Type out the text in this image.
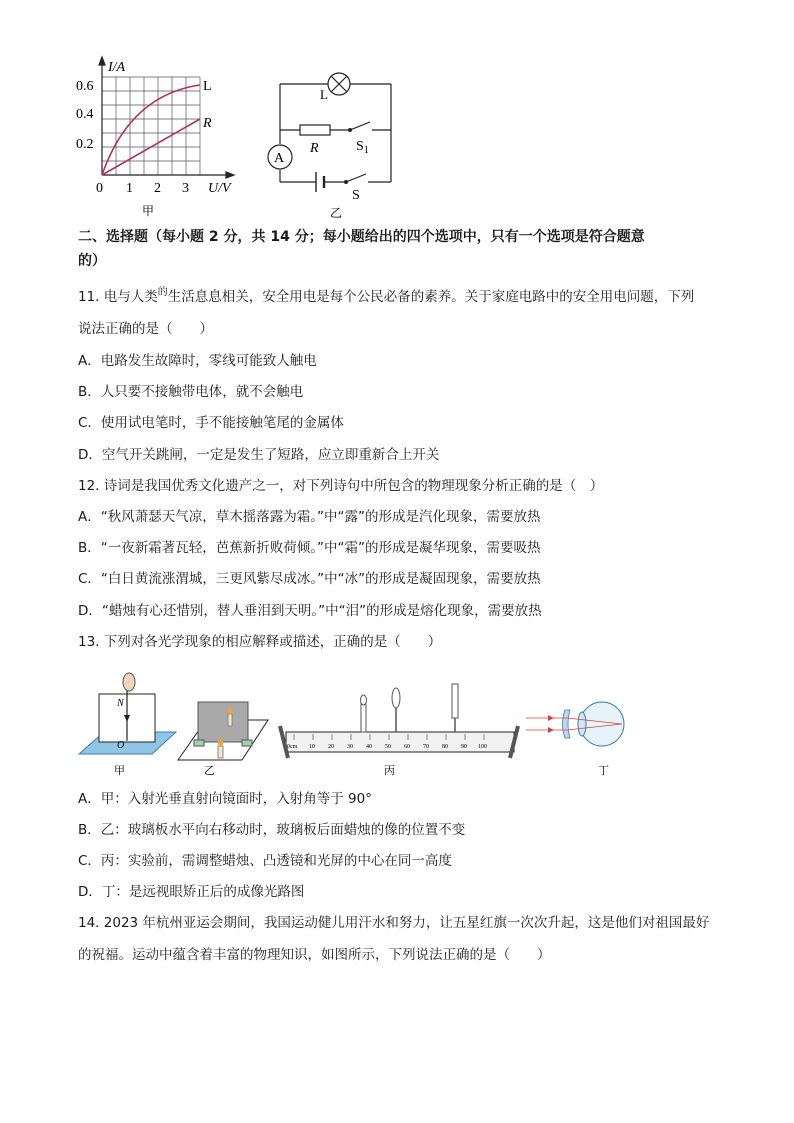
I/A
0.6
0.4
0.2
0 1 2 3 U/V
L
R
甲
L
R	$S_1$
A
S
乙
二、选择题（每小题 2 分，共 14 分；每小题给出的四个选项中，只有一个选项是符合题意
的）
11. 电与人类$^的$生活息息相关，安全用电是每个公民必备的素养。关于家庭电路中的安全用电问题，下列
说法正确的是（　　）
A．电路发生故障时，零线可能致人触电
B．人只要不接触带电体，就不会触电
C．使用试电笔时，手不能接触笔尾的金属体
D．空气开关跳闸，一定是发生了短路，应立即重新合上开关
12. 诗词是我国优秀文化遗产之一，对下列诗句中所包含的物理现象分析正确的是（　）
A．“秋风萧瑟天气凉，草木摇落露为霜。”中“露”的形成是汽化现象，需要放热
B．“一夜新霜著瓦轻，芭蕉新折败荷倾。”中“霜”的形成是凝华现象，需要吸热
C．“白日黄流涨渭城，三更风紫尽成冰。”中“冰”的形成是凝固现象，需要放热
D．“蜡烛有心还惜别，替人垂泪到天明。”中“泪”的形成是熔化现象，需要放热
13. 下列对各光学现象的相应解释或描述，正确的是（　　）
N
O
甲	乙
0cm 10 20 30 40 50 60 70 80 90 100
丙	丁
A．甲：入射光垂直射向镜面时，入射角等于 90°
B．乙：玻璃板水平向右移动时，玻璃板后面蜡烛的像的位置不变
C．丙：实验前，需调整蜡烛、凸透镜和光屏的中心在同一高度
D．丁：是远视眼矫正后的成像光路图
14. 2023 年杭州亚运会期间，我国运动健儿用汗水和努力，让五星红旗一次次升起，这是他们对祖国最好
的祝福。运动中蕴含着丰富的物理知识，如图所示，下列说法正确的是（　　）
